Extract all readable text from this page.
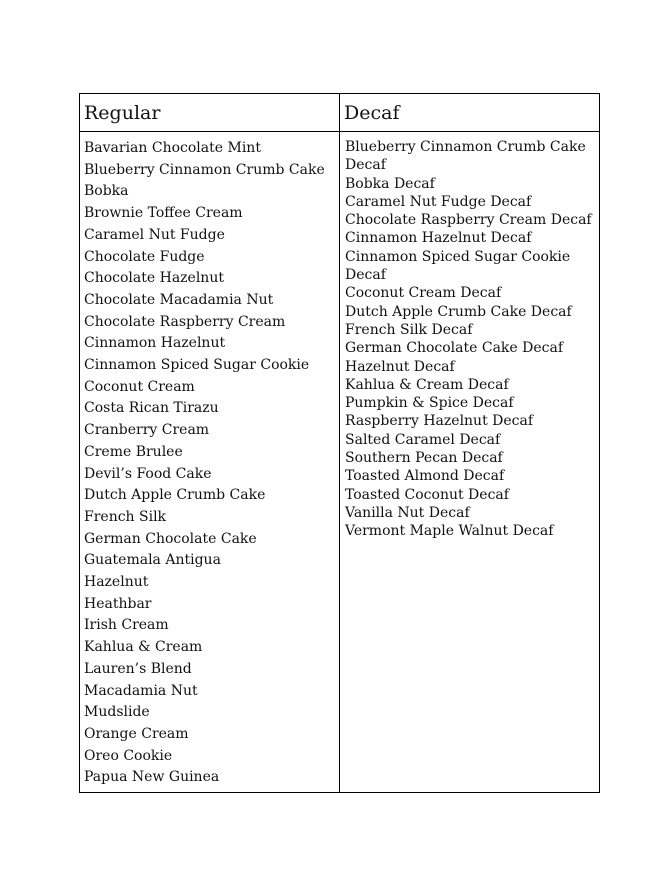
Regular	Decaf
Bavarian Chocolate Mint
Blueberry Cinnamon Crumb Cake
Bobka
Brownie Toffee Cream
Caramel Nut Fudge
Chocolate Fudge
Chocolate Hazelnut
Chocolate Macadamia Nut
Chocolate Raspberry Cream
Cinnamon Hazelnut
Cinnamon Spiced Sugar Cookie
Coconut Cream
Costa Rican Tirazu
Cranberry Cream
Creme Brulee
Devil’s Food Cake
Dutch Apple Crumb Cake
French Silk
German Chocolate Cake
Guatemala Antigua
Hazelnut
Heathbar
Irish Cream
Kahlua & Cream
Lauren’s Blend
Macadamia Nut
Mudslide
Orange Cream
Oreo Cookie
Papua New Guinea
Blueberry Cinnamon Crumb Cake
Decaf
Bobka Decaf
Caramel Nut Fudge Decaf
Chocolate Raspberry Cream Decaf
Cinnamon Hazelnut Decaf
Cinnamon Spiced Sugar Cookie
Decaf
Coconut Cream Decaf
Dutch Apple Crumb Cake Decaf
French Silk Decaf
German Chocolate Cake Decaf
Hazelnut Decaf
Kahlua & Cream Decaf
Pumpkin & Spice Decaf
Raspberry Hazelnut Decaf
Salted Caramel Decaf
Southern Pecan Decaf
Toasted Almond Decaf
Toasted Coconut Decaf
Vanilla Nut Decaf
Vermont Maple Walnut Decaf
